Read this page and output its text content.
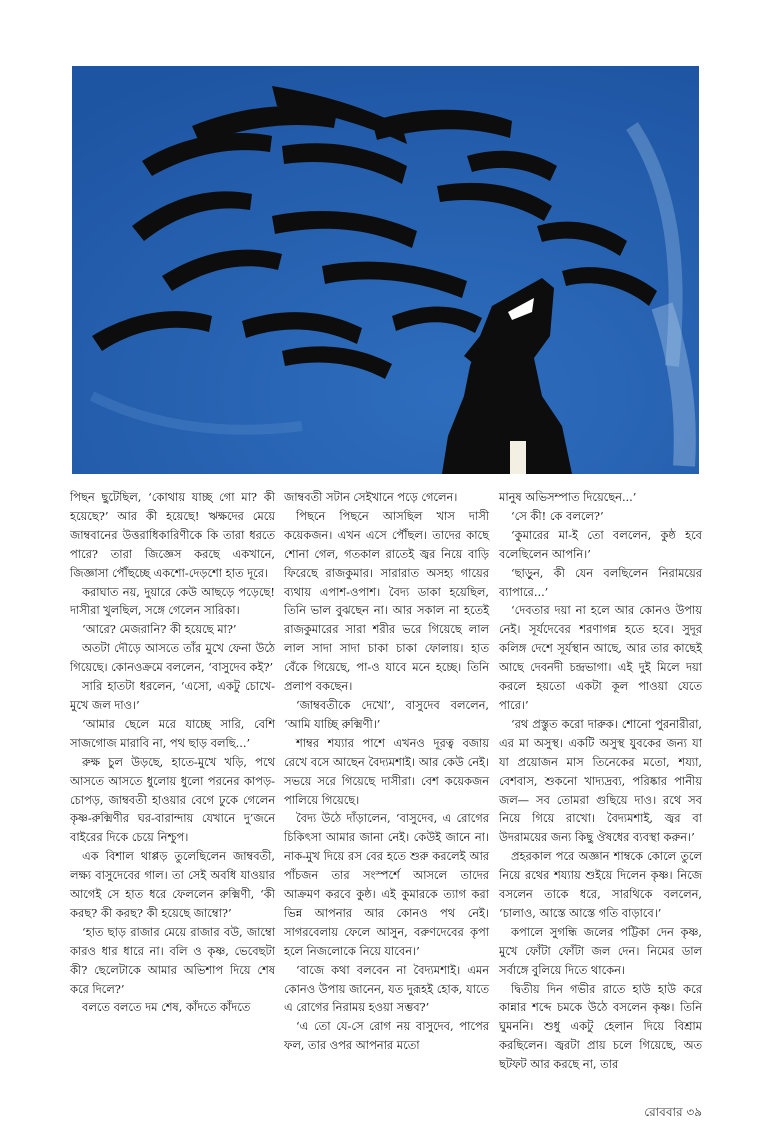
পিছন ছুটেছিল, ‘কোথায় যাচ্ছ গো মা? কী হয়েছে?’ আর কী হয়েছে! ঋক্ষদের মেয়ে জাম্ববানের উত্তরাধিকারিণীকে কি তারা ধরতে পারে? তারা জিজ্ঞেস করছে একখানে, জিজ্ঞাসা পৌঁছচ্ছে একশো-দেড়শো হাত দূরে।

করাঘাত নয়, দুয়ারে কেউ আছড়ে পড়েছে! দাসীরা খুলছিল, সঙ্গে গেলেন সারিকা।

‘আরে? মেজরানি? কী হয়েছে মা?’

অতটা দৌড়ে আসতে তাঁর মুখে ফেনা উঠে গিয়েছে। কোনওক্রমে বললেন, ‘বাসুদেব কই?’

সারি হাতটা ধরলেন, ‘এসো, একটু চোখে-মুখে জল দাও।’

‘আমার ছেলে মরে যাচ্ছে সারি, বেশি সাজগোজ মারাবি না, পথ ছাড় বলছি...’

রুক্ষ চুল উড়ছে, হাতে-মুখে খড়ি, পথে আসতে আসতে ধুলোয় ধুলো পরনের কাপড়-চোপড়, জাম্ববতী হাওয়ার বেগে ঢুকে গেলেন কৃষ্ণ-রুক্মিণীর ঘর-বারান্দায় যেখানে দু’জনে বাইরের দিকে চেয়ে নিশ্চুপ।

এক বিশাল থাপ্পড় তুলেছিলেন জাম্ববতী, লক্ষ্য বাসুদেবের গাল। তা সেই অবধি যাওয়ার আগেই সে হাত ধরে ফেললেন রুক্মিণী, ‘কী করছ? কী করছ? কী হয়েছে জাম্বো?’

‘হাত ছাড় রাজার মেয়ে রাজার বউ, জাম্বো কারও ধার ধারে না। বলি ও কৃষ্ণ, ভেবেছটা কী? ছেলেটাকে আমার অভিশাপ দিয়ে শেষ করে দিলে?’

বলতে বলতে দম শেষ, কাঁদতে কাঁদতে

জাম্ববতী সটান সেইখানে পড়ে গেলেন।

পিছনে পিছনে আসছিল খাস দাসী কয়েকজন। এখন এসে পৌঁছল। তাদের কাছে শোনা গেল, গতকাল রাতেই জ্বর নিয়ে বাড়ি ফিরেছে রাজকুমার। সারারাত অসহ্য গায়ের ব্যথায় এপাশ-ওপাশ। বৈদ্য ডাকা হয়েছিল, তিনি ভাল বুঝছেন না। আর সকাল না হতেই রাজকুমারের সারা শরীর ভরে গিয়েছে লাল লাল সাদা সাদা চাকা চাকা ফোলায়। হাত বেঁকে গিয়েছে, পা-ও যাবে মনে হচ্ছে। তিনি প্রলাপ বকছেন।

‘জাম্ববতীকে দেখো’, বাসুদেব বললেন, ‘আমি যাচ্ছি রুক্মিণী।’

শাম্বর শয্যার পাশে এখনও দূরত্ব বজায় রেখে বসে আছেন বৈদ্যমশাই। আর কেউ নেই। সভয়ে সরে গিয়েছে দাসীরা। বেশ কয়েকজন পালিয়ে গিয়েছে।

বৈদ্য উঠে দাঁড়ালেন, ‘বাসুদেব, এ রোগের চিকিৎসা আমার জানা নেই। কেউই জানে না। নাক-মুখ দিয়ে রস বের হতে শুরু করলেই আর পাঁচজন তার সংস্পর্শে আসলে তাদের আক্রমণ করবে কুষ্ঠ। এই কুমারকে ত্যাগ করা ভিন্ন আপনার আর কোনও পথ নেই। সাগরবেলায় ফেলে আসুন, বরুণদেবের কৃপা হলে নিজলোকে নিয়ে যাবেন।’

‘বাজে কথা বলবেন না বৈদ্যমশাই। এমন কোনও উপায় জানেন, যত দুরূহই হোক, যাতে এ রোগের নিরাময় হওয়া সম্ভব?’

‘এ তো যে-সে রোগ নয় বাসুদেব, পাপের ফল, তার ওপর আপনার মতো

মানুষ অভিসম্পাত দিয়েছেন...’

‘সে কী! কে বললে?’

‘কুমারের মা-ই তো বললেন, কুষ্ঠ হবে বলেছিলেন আপনি।’

‘ছাড়ুন, কী যেন বলছিলেন নিরাময়ের ব্যাপারে...’

‘দেবতার দয়া না হলে আর কোনও উপায় নেই। সূর্যদেবের শরণাগন্ন হতে হবে। সুদূর কলিঙ্গ দেশে সূর্যস্থান আছে, আর তার কাছেই আছে দেবনদী চন্দ্রভাগা। এই দুই মিলে দয়া করলে হয়তো একটা কূল পাওয়া যেতে পারে।’

‘রথ প্রস্তুত করো দারুক। শোনো পুরনারীরা, এর মা অসুস্থ। একটি অসুস্থ যুবকের জন্য যা যা প্রয়োজন মাস তিনেকের মতো, শয্যা, বেশবাস, শুকনো খাদ্যদ্রব্য, পরিষ্কার পানীয় জল— সব তোমরা গুছিয়ে দাও। রথে সব নিয়ে গিয়ে রাখো। বৈদ্যমশাই, জ্বর বা উদরাময়ের জন্য কিছু ঔষধের ব্যবস্থা করুন।’

প্রহরকাল পরে অজ্ঞান শাম্বকে কোলে তুলে নিয়ে রথের শয্যায় শুইয়ে দিলেন কৃষ্ণ। নিজে বসলেন তাকে ধরে, সারথিকে বললেন, ‘চালাও, আস্তে আস্তে গতি বাড়াবে।’

কপালে সুগন্ধি জলের পট্টিকা দেন কৃষ্ণ, মুখে ফোঁটা ফোঁটা জল দেন। নিমের ডাল সর্বাঙ্গে বুলিয়ে দিতে থাকেন।

দ্বিতীয় দিন গভীর রাতে হাউ হাউ করে কান্নার শব্দে চমকে উঠে বসলেন কৃষ্ণ। তিনি ঘুমননি। শুধু একটু হেলান দিয়ে বিশ্রাম করছিলেন। জ্বরটা প্রায় চলে গিয়েছে, অত ছটফট আর করছে না, তার

রোববার ৩৯
